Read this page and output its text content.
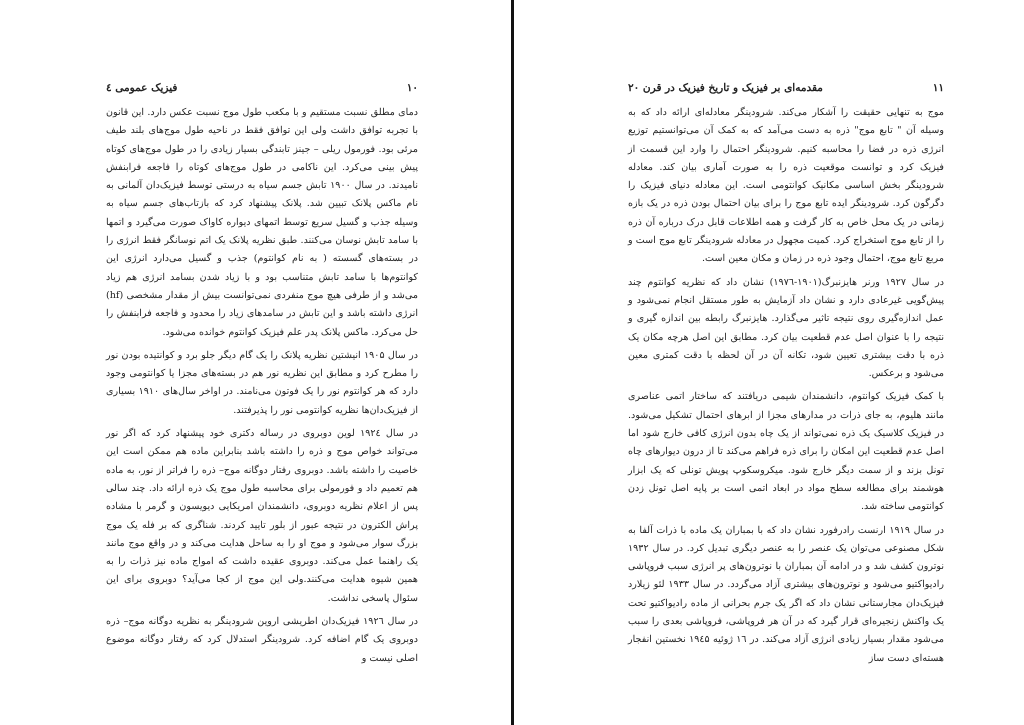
۱۰
فیزیک عمومی ٤

دمای مطلق نسبت مستقیم و با مکعب طول موج نسبت عکس دارد. این قانون با تجربه توافق داشت ولی این توافق فقط در ناحیه طول موج‌های بلند طیف مرئی بود. فورمول ریلی – جینز تابندگی بسیار زیادی را در طول موج‌های کوتاه پیش بینی می‌کرد. این ناکامی در طول موج‌های کوتاه را فاجعه فرابنفش نامیدند. در سال ۱۹۰۰ تابش جسم سیاه به درستی توسط فیزیک‌دان آلمانی به نام ماکس پلانک تبیین شد. پلانک پیشنهاد کرد که بازتاب‌های جسم سیاه به وسیله جذب و گسیل سریع توسط اتمهای دیواره کاواک صورت می‌گیرد و اتمها با سامد تابش نوسان می‌کنند. طبق نظریه پلانک یک اتم نوسانگر فقط انرژی را در بسته‌های گسسته ( به نام کوانتوم) جذب و گسیل می‌دارد انرژی این کوانتوم‌ها با سامد تابش متناسب بود و با زیاد شدن بسامد انرژی هم زیاد می‌شد و از طرفی هیچ موج منفردی نمی‌توانست بیش از مقدار مشخصی (hf) انرژی داشته باشد و این تابش در سامدهای زیاد را محدود و فاجعه فرابنفش را حل می‌کرد. ماکس پلانک پدر علم فیزیک کوانتوم خوانده می‌شود.

در سال ۱۹۰۵ انیشتین نظریه پلانک را یک گام دیگر جلو برد و کوانتیده بودن نور را مطرح کرد و مطابق این نظریه نور هم در بسته‌های مجزا یا کوانتومی وجود دارد که هر کوانتوم نور را یک فوتون می‌نامند. در اواخر سال‌های ۱۹۱۰ بسیاری از فیزیک‌دان‌ها نظریه کوانتومی نور را پذیرفتند.

در سال ۱۹۲٤ لوین دوبروی در رساله دکتری خود پیشنهاد کرد که اگر نور می‌تواند خواص موج و ذره را داشته باشد بنابراین ماده هم ممکن است این خاصیت را داشته باشد. دوبروی رفتار دوگانه موج– ذره را فراتر از نور، به ماده هم تعمیم داد و فورمولی برای محاسبه طول موج یک ذره ارائه داد. چند سالی پس از اعلام نظریه دوبروی، دانشمندان امریکایی دیویسون و گرمر با مشاده پراش الکترون در نتیجه عبور از بلور تایید کردند. شناگری که بر فله یک موج بزرگ سوار می‌شود و موج او را به ساحل هدایت می‌کند و در واقع موج مانند یک راهنما عمل می‌کند. دوبروی عقیده داشت که امواج ماده نیز ذرات را به همین شیوه هدایت می‌کنند.ولی این موج از کجا می‌آید؟ دوبروی برای این سئوال پاسخی نداشت.

در سال ۱۹۲٦ فیزیک‌دان اطریشی اروین شرودینگر به نظریه دوگانه موج– ذره دوبروی یک گام اضافه کرد. شرودینگر استدلال کرد که رفتار دوگانه موضوع اصلی نیست و

۱۱
مقدمه‌ای بر فیزیک و تاریخ فیزیک در قرن ۲۰

موج به تنهایی حقیقت را آشکار می‌کند. شرودینگر معادله‌ای ارائه داد که به وسیله آن " تابع موج" ذره به دست می‌آمد که به کمک آن می‌توانستیم توزیع انرژی ذره در فضا را محاسبه کنیم. شرودینگر احتمال را وارد این قسمت از فیزیک کرد و توانست موقعیت ذره را به صورت آماری بیان کند. معادله شرودینگر بخش اساسی مکانیک کوانتومی است. این معادله دنیای فیزیک را دگرگون کرد. شرودینگر ایده تابع موج را برای بیان احتمال بودن ذره در یک بازه زمانی در یک محل خاص به کار گرفت و همه اطلاعات قابل درک درباره آن ذره را از تابع موج استخراج کرد. کمیت مجهول در معادله شرودینگر تابع موج است و مربع تابع موج، احتمال وجود ذره در زمان و مکان معین است.

در سال ۱۹۲۷ ورنر هایزنبرگ(۱۹۰۱-۱۹۷٦) نشان داد که نظریه کوانتوم چند پیش‌گویی غیرعادی دارد و نشان داد آزمایش به طور مستقل انجام نمی‌شود و عمل اندازه‌گیری روی نتیجه تاثیر می‌گذارد. هایزنبرگ رابطه بین اندازه گیری و نتیجه را با عنوان اصل عدم قطعیت بیان کرد. مطابق این اصل هرچه مکان یک ذره با دقت بیشتری تعیین شود، تکانه آن در آن لحظه با دقت کمتری معین می‌شود و برعکس.

با کمک فیزیک کوانتوم، دانشمندان شیمی دریافتند که ساختار اتمی عناصری مانند هلیوم، به جای ذرات در مدارهای مجزا از ابرهای احتمال تشکیل می‌شود. در فیزیک کلاسیک یک ذره نمی‌تواند از یک چاه بدون انرژی کافی خارج شود اما اصل عدم قطعیت این امکان را برای ذره فراهم می‌کند تا از درون دیوارهای چاه تونل بزند و از سمت دیگر خارج شود. میکروسکوپ پویش تونلی که یک ابزار هوشمند برای مطالعه سطح مواد در ابعاد اتمی است بر پایه اصل تونل زدن کوانتومی ساخته شد.

در سال ۱۹۱۹ ارنست رادرفورد نشان داد که با بمباران یک ماده با ذرات آلفا به شکل مصنوعی می‌توان یک عنصر را به عنصر دیگری تبدیل کرد. در سال ۱۹۳۲ نوترون کشف شد و در ادامه آن بمباران با نوترون‌های پر انرژی سبب فروپاشی رادیواکتیو می‌شود و نوترون‌های بیشتری آزاد می‌گردد. در سال ۱۹۳۳ لئو زیلارد فیزیک‌دان مجارستانی نشان داد که اگر یک جرم بحرانی از ماده رادیواکتیو تحت یک واکنش زنجیره‌ای قرار گیرد که در آن هر فروپاشی، فروپاشی بعدی را سبب می‌شود مقدار بسیار زیادی انرژی آزاد می‌کند. در ۱٦ ژوئیه ۱۹٤۵ نخستین انفجار هسته‌ای دست ساز
